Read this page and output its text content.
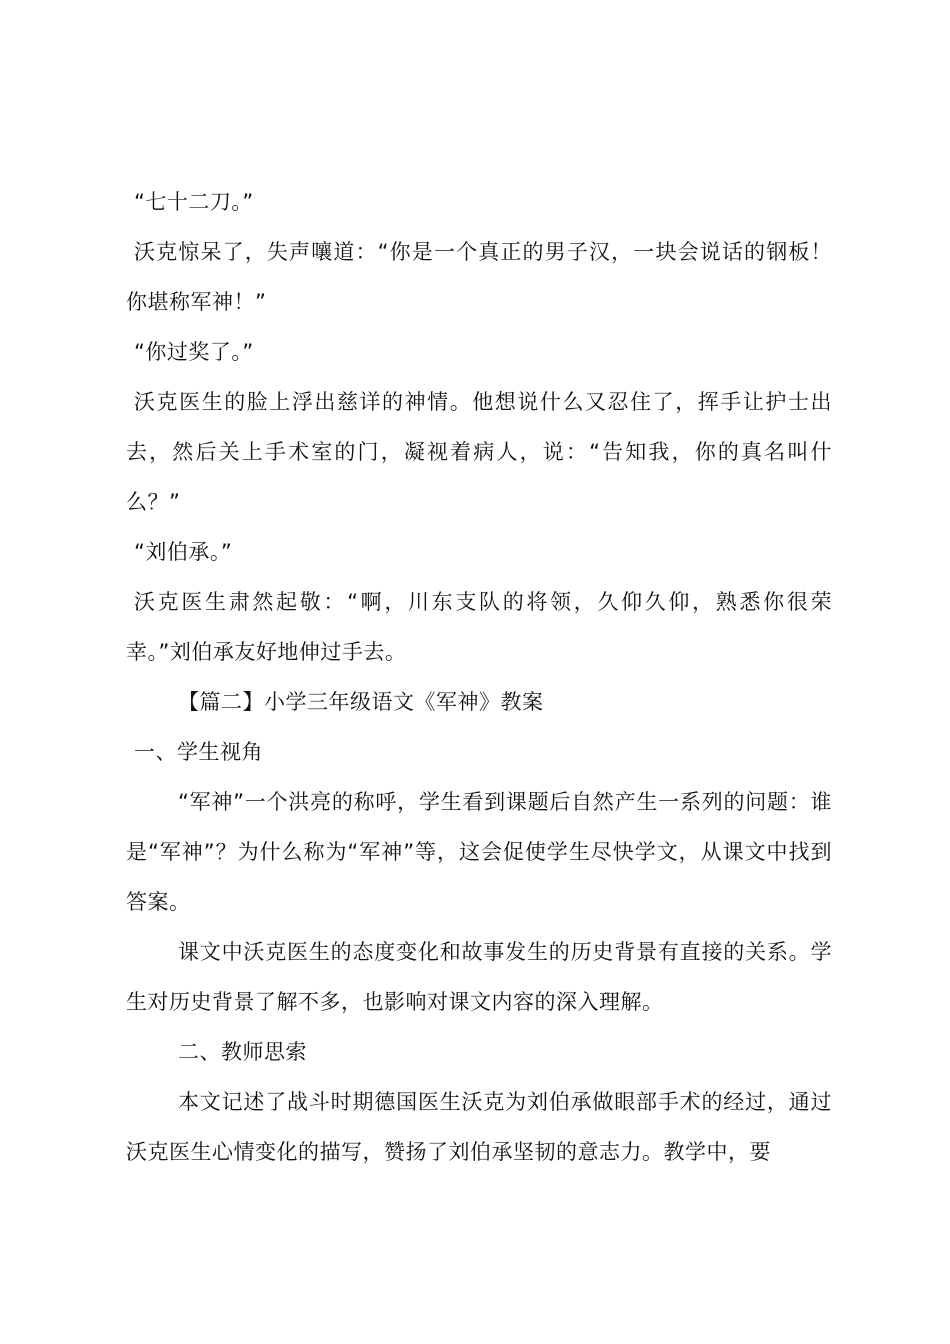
“七十二刀。”

沃克惊呆了，失声嚷道：“你是一个真正的男子汉，一块会说话的钢板！你堪称军神！”

“你过奖了。”

沃克医生的脸上浮出慈详的神情。他想说什么又忍住了，挥手让护士出去，然后关上手术室的门，凝视着病人，说：“告知我，你的真名叫什么？”

“刘伯承。”

沃克医生肃然起敬：“啊，川东支队的将领，久仰久仰，熟悉你很荣幸。”刘伯承友好地伸过手去。

【篇二】小学三年级语文《军神》教案

一、学生视角

“军神”一个洪亮的称呼，学生看到课题后自然产生一系列的问题：谁是“军神”？为什么称为“军神”等，这会促使学生尽快学文，从课文中找到答案。

课文中沃克医生的态度变化和故事发生的历史背景有直接的关系。学生对历史背景了解不多，也影响对课文内容的深入理解。

二、教师思索

本文记述了战斗时期德国医生沃克为刘伯承做眼部手术的经过，通过沃克医生心情变化的描写，赞扬了刘伯承坚韧的意志力。教学中，要
